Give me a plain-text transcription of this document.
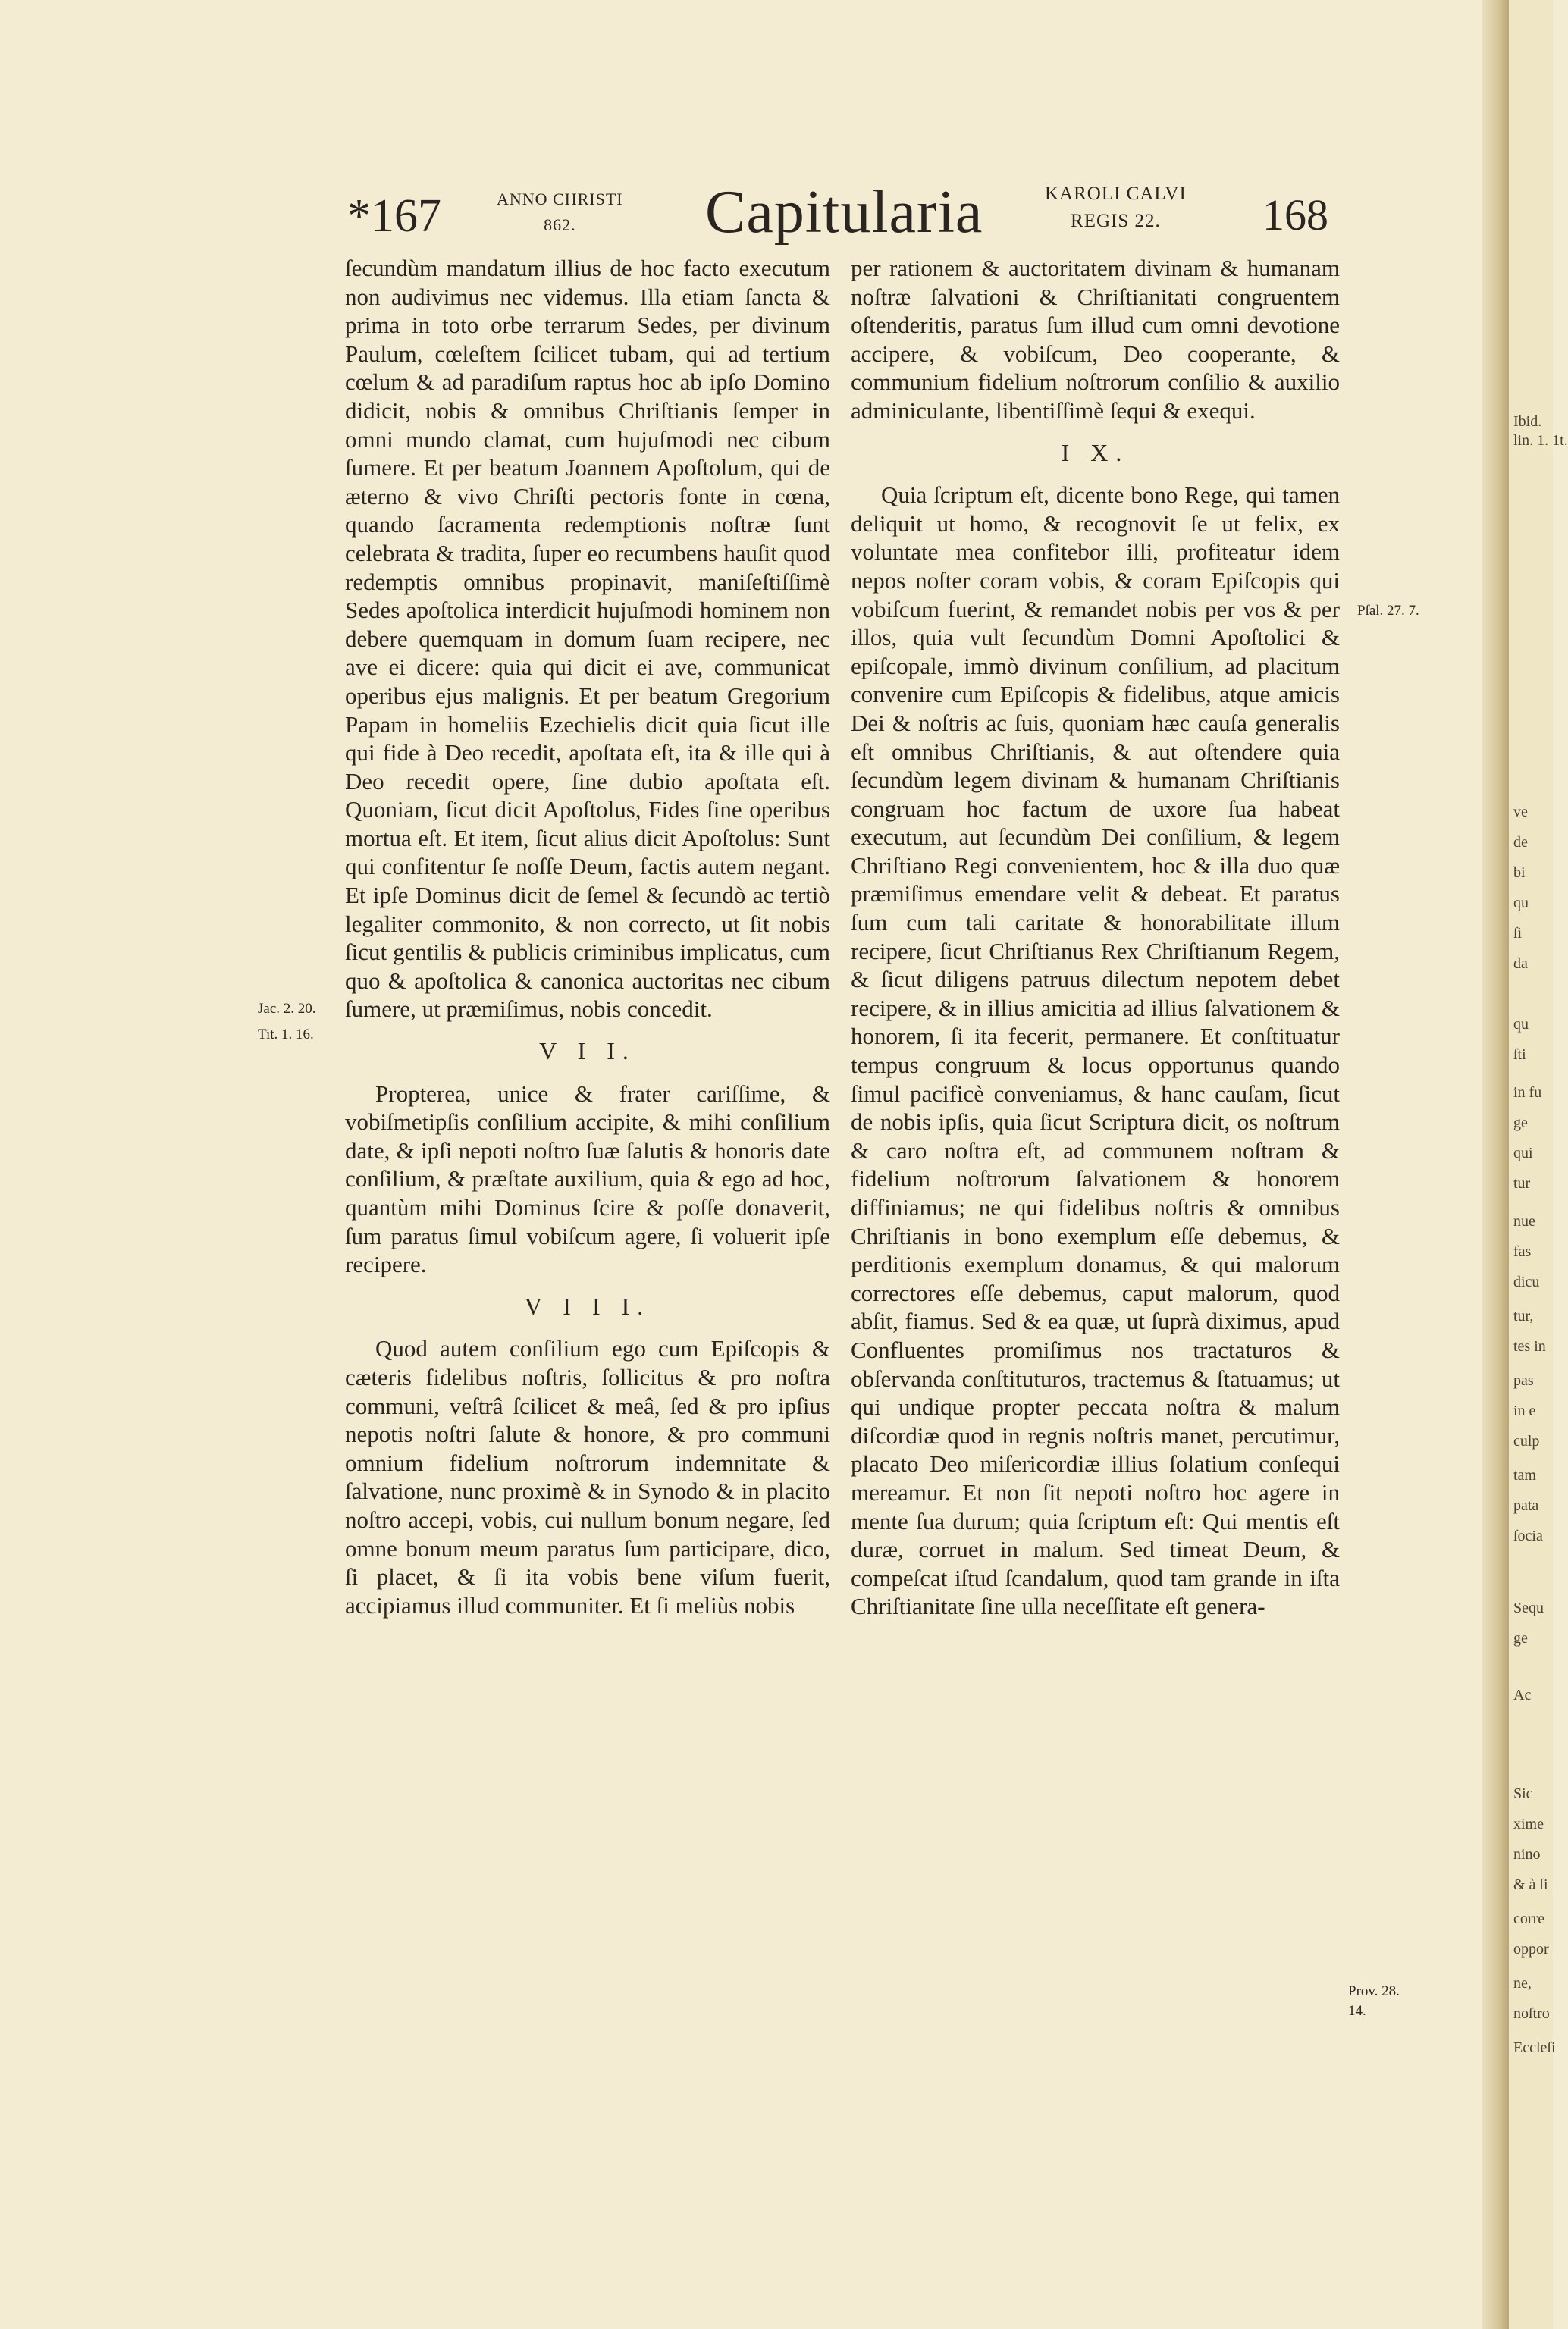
*167	ANNO CHRISTI
862.	Capitularia	KAROLI CALVI
REGIS 22.	168

ſecundùm mandatum illius de hoc facto executum non audivimus nec videmus. Illa etiam ſancta & prima in toto orbe terrarum Sedes, per divinum Paulum, cœleſtem ſcilicet tubam, qui ad tertium cœlum & ad paradiſum raptus hoc ab ipſo Domino didicit, nobis & omnibus Chriſtianis ſemper in omni mundo clamat, cum hujuſmodi nec cibum ſumere. Et per beatum Joannem Apoſtolum, qui de æterno & vivo Chriſti pectoris fonte in cœna, quando ſacramenta redemptionis noſtræ ſunt celebrata & tradita, ſuper eo recumbens hauſit quod redemptis omnibus propinavit, maniſeſtiſſimè Sedes apoſtolica interdicit hujuſmodi hominem non debere quemquam in domum ſuam recipere, nec ave ei dicere: quia qui dicit ei ave, communicat operibus ejus malignis. Et per beatum Gregorium Papam in homeliis Ezechielis dicit quia ſicut ille qui fide à Deo recedit, apoſtata eſt, ita & ille qui à Deo recedit opere, ſine dubio apoſtata eſt. Quoniam, ſicut dicit Apoſtolus, Fides ſine operibus mortua eſt. Et item, ſicut alius dicit Apoſtolus: Sunt qui confitentur ſe noſſe Deum, factis autem negant. Et ipſe Dominus dicit de ſemel & ſecundò ac tertiò legaliter commonito, & non correcto, ut ſit nobis ſicut gentilis & publicis criminibus implicatus, cum quo & apoſtolica & canonica auctoritas nec cibum ſumere, ut præmiſimus, nobis concedit.

V I I.

Propterea, unice & frater cariſſime, & vobiſmetipſis conſilium accipite, & mihi conſilium date, & ipſi nepoti noſtro ſuæ ſalutis & honoris date conſilium, & præſtate auxilium, quia & ego ad hoc, quantùm mihi Dominus ſcire & poſſe donaverit, ſum paratus ſimul vobiſcum agere, ſi voluerit ipſe recipere.

V I I I.

Quod autem conſilium ego cum Epiſcopis & cæteris fidelibus noſtris, ſollicitus & pro noſtra communi, veſtrâ ſcilicet & meâ, ſed & pro ipſius nepotis noſtri ſalute & honore, & pro communi omnium fidelium noſtrorum indemnitate & ſalvatione, nunc proximè & in Synodo & in placito noſtro accepi, vobis, cui nullum bonum negare, ſed omne bonum meum paratus ſum participare, dico, ſi placet, & ſi ita vobis bene viſum fuerit, accipiamus illud communiter. Et ſi meliùs nobis

per rationem & auctoritatem divinam & humanam noſtræ ſalvationi & Chriſtianitati congruentem oſtenderitis, paratus ſum illud cum omni devotione accipere, & vobiſcum, Deo cooperante, & communium fidelium noſtrorum conſilio & auxilio adminiculante, libentiſſimè ſequi & exequi.

I X.

Quia ſcriptum eſt, dicente bono Rege, qui tamen deliquit ut homo, & recognovit ſe ut felix, ex voluntate mea confitebor illi, profiteatur idem nepos noſter coram vobis, & coram Epiſcopis qui vobiſcum fuerint, & remandet nobis per vos & per illos, quia vult ſecundùm Domni Apoſtolici & epiſcopale, immò divinum conſilium, ad placitum convenire cum Epiſcopis & fidelibus, atque amicis Dei & noſtris ac ſuis, quoniam hæc cauſa generalis eſt omnibus Chriſtianis, & aut oſtendere quia ſecundùm legem divinam & humanam Chriſtianis congruam hoc factum de uxore ſua habeat executum, aut ſecundùm Dei conſilium, & legem Chriſtiano Regi convenientem, hoc & illa duo quæ præmiſimus emendare velit & debeat. Et paratus ſum cum tali caritate & honorabilitate illum recipere, ſicut Chriſtianus Rex Chriſtianum Regem, & ſicut diligens patruus dilectum nepotem debet recipere, & in illius amicitia ad illius ſalvationem & honorem, ſi ita fecerit, permanere. Et conſtituatur tempus congruum & locus opportunus quando ſimul pacificè conveniamus, & hanc cauſam, ſicut de nobis ipſis, quia ſicut Scriptura dicit, os noſtrum & caro noſtra eſt, ad communem noſtram & fidelium noſtrorum ſalvationem & honorem diffiniamus; ne qui fidelibus noſtris & omnibus Chriſtianis in bono exemplum eſſe debemus, & perditionis exemplum donamus, & qui malorum correctores eſſe debemus, caput malorum, quod abſit, fiamus. Sed & ea quæ, ut ſuprà diximus, apud Confluentes promiſimus nos tractaturos & obſervanda conſtituturos, tractemus & ſtatuamus; ut qui undique propter peccata noſtra & malum diſcordiæ quod in regnis noſtris manet, percutimur, placato Deo miſericordiæ illius ſolatium conſequi mereamur. Et non ſit nepoti noſtro hoc agere in mente ſua durum; quia ſcriptum eſt: Qui mentis eſt duræ, corruet in malum. Sed timeat Deum, & compeſcat iſtud ſcandalum, quod tam grande in iſta Chriſtianitate ſine ulla neceſſitate eſt genera-

Jac. 2. 20.
Tit. 1. 16.
Pſal. 27. 7.
Prov. 28.
14.
Ibid.
lin. 1. 1t.
ve
de
bi
qu
ſi
da
qu
ſti
in fu
ge
qui
tur
nue
fas
dicu
tur,
tes in
pas
in e
culp
tam
pata
ſocia
Sequ
ge
Ac
Sic
xime
nino
& à ſi
corre
oppor
ne,
noſtro
Eccleſi
